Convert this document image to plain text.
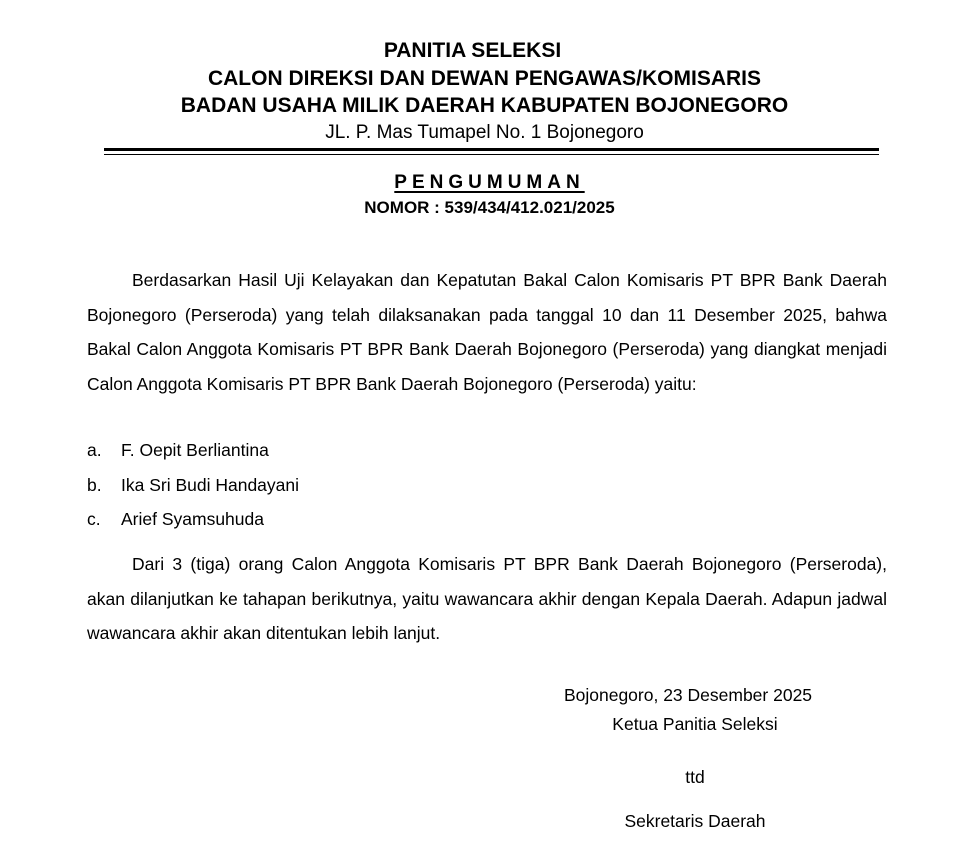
PANITIA SELEKSI
CALON DIREKSI DAN DEWAN PENGAWAS/KOMISARIS
BADAN USAHA MILIK DAERAH KABUPATEN BOJONEGORO
JL. P. Mas Tumapel No. 1 Bojonegoro
PENGUMUMAN
NOMOR : 539/434/412.021/2025

Berdasarkan Hasil Uji Kelayakan dan Kepatutan Bakal Calon Komisaris PT BPR Bank Daerah Bojonegoro (Perseroda) yang telah dilaksanakan pada tanggal 10 dan 11 Desember 2025, bahwa Bakal Calon Anggota Komisaris PT BPR Bank Daerah Bojonegoro (Perseroda) yang diangkat menjadi Calon Anggota Komisaris PT BPR Bank Daerah Bojonegoro (Perseroda) yaitu:

a. F. Oepit Berliantina
b. Ika Sri Budi Handayani
c. Arief Syamsuhuda

Dari 3 (tiga) orang Calon Anggota Komisaris PT BPR Bank Daerah Bojonegoro (Perseroda), akan dilanjutkan ke tahapan berikutnya, yaitu wawancara akhir dengan Kepala Daerah. Adapun jadwal wawancara akhir akan ditentukan lebih lanjut.

Bojonegoro, 23 Desember 2025
Ketua Panitia Seleksi
ttd
Sekretaris Daerah
